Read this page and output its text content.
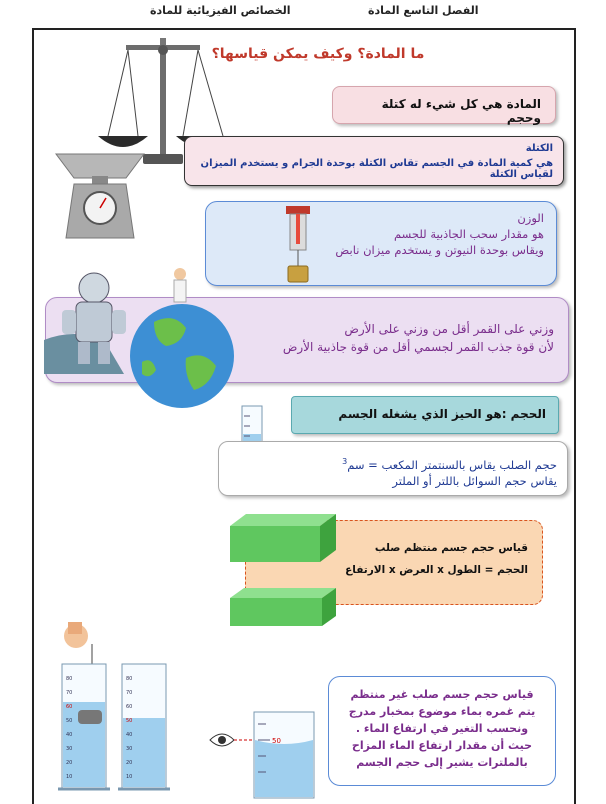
الفصل التاسع المادة
الخصائص الفيزيائية للمادة
ما المادة؟ وكيف يمكن قياسها؟
المادة هي كل شيء له كتلة وحجم
الكتلة
هي كمية المادة في الجسم تقاس الكتلة بوحدة الجرام و يستخدم الميزان لقياس الكتلة
الوزن
هو مقدار سحب الجاذبية للجسم
ويقاس بوحدة النيوتن و يستخدم ميزان نابض
وزني على القمر أقل من وزني على الأرض
لأن قوة جذب القمر لجسمي أقل من قوة جاذبية الأرض
الحجم :هو الحيز الذي يشغله الجسم
حجم الصلب يقاس بالسنتمتر المكعب = سم$^3$
يقاس حجم السوائل باللتر أو الملتر
قياس حجم جسم منتظم صلب
الحجم = الطول x العرض x الارتفاع
80
70
60
50
40
30
20
10
80
70
60
50
40
30
20
10
50
قياس حجم جسم صلب غير منتظم
يتم غمره بماء موضوع بمخبار مدرج
ونحسب التغير في ارتفاع الماء .
حيث أن مقدار ارتفاع الماء المزاح
بالملترات يشير إلى حجم الجسم
